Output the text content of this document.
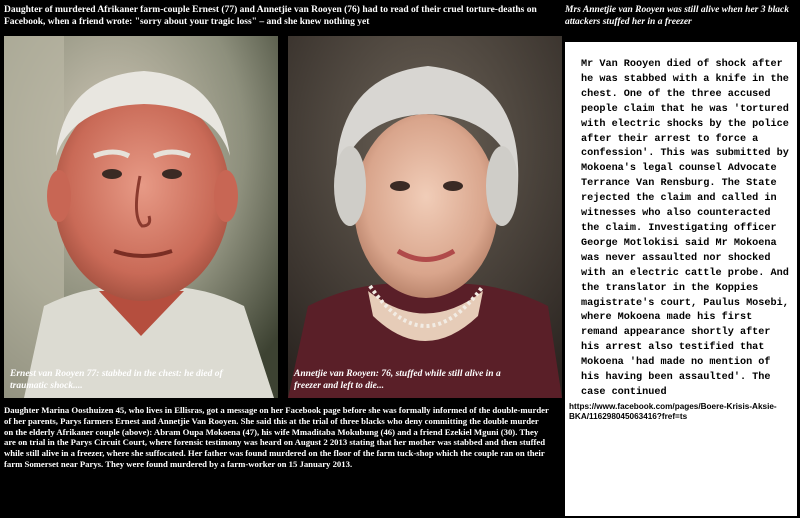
Daughter of murdered Afrikaner farm-couple Ernest (77) and Annetjie van Rooyen (76) had to read of their cruel torture-deaths on Facebook, when a friend wrote: "sorry about your tragic loss" – and she knew nothing yet
Ernest van Rooyen 77: stabbed in the chest: he died of traumatic shock....
Annetjie van Rooyen: 76, stuffed while still alive in a freezer and left to die...
Daughter Marina Oosthuizen 45, who lives in Ellisras, got a message on her Facebook page before she was formally informed of the double-murder of her parents, Parys farmers Ernest and Annetjie Van Rooyen. She said this at the trial of three blacks who deny committing the double murder on the elderly Afrikaner couple (above): Abram Oupa Mokoena (47), his wife Mmaditaba Mokubung (46) and a friend Ezekiel Mguni (30). They are on trial in the Parys Circuit Court, where forensic testimony was heard on August 2 2013 stating that her mother was stabbed and then stuffed while still alive in a freezer, where she suffocated. Her father was found murdered on the floor of the farm tuck-shop which the couple ran on their farm Somerset near Parys. They were found murdered by a farm-worker on 15 January 2013.
Mrs Annetjie van Rooyen was still alive when her 3 black attackers stuffed her in a freezer
Mr Van Rooyen died of shock after he was stabbed with a knife in the chest. One of the three accused people claim that he was 'tortured with electric shocks by the police after their arrest to force a confession'. This was submitted by Mokoena's legal counsel Advocate Terrance Van Rensburg. The State rejected the claim and called in witnesses who also counteracted the claim. Investigating officer George Motlokisi said Mr Mokoena was never assaulted nor shocked with an electric cattle probe. And the translator in the Koppies magistrate's court, Paulus Mosebi, where Mokoena made his first remand appearance shortly after his arrest also testified that Mokoena 'had made no mention of his having been assaulted'. The case continued
https://www.facebook.com/pages/Boere-Krisis-Aksie-BKA/116298045063416?fref=ts
